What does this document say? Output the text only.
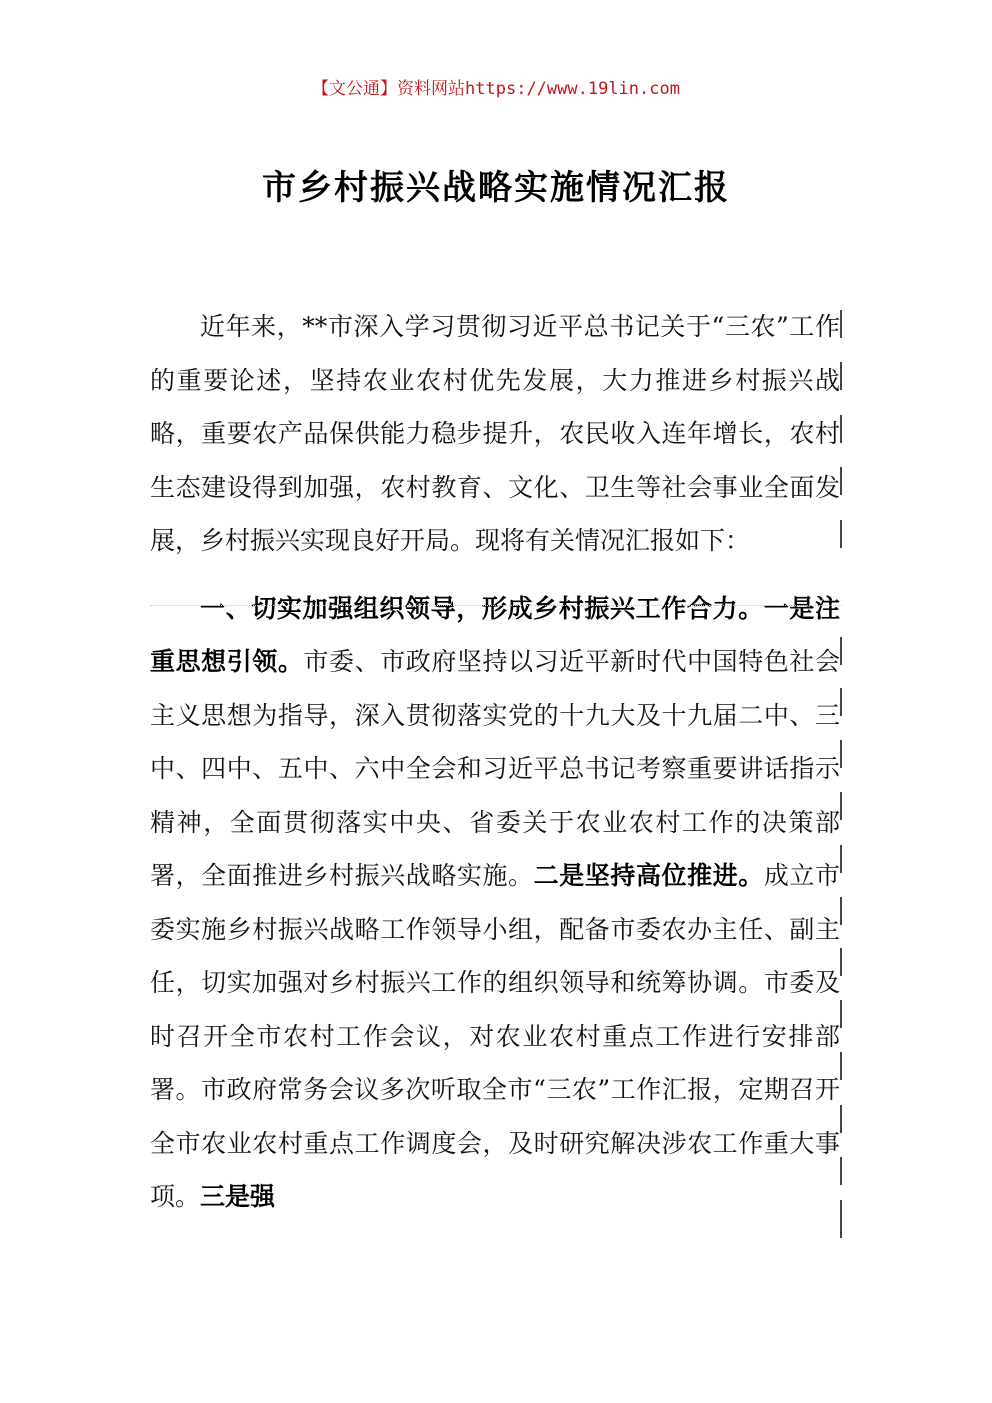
【文公通】资料网站https://www.19lin.com
市乡村振兴战略实施情况汇报

近年来，**市深入学习贯彻习近平总书记关于“三农”工作的重要论述，坚持农业农村优先发展，大力推进乡村振兴战略，重要农产品保供能力稳步提升，农民收入连年增长，农村生态建设得到加强，农村教育、文化、卫生等社会事业全面发展，乡村振兴实现良好开局。现将有关情况汇报如下：

一、切实加强组织领导，形成乡村振兴工作合力。一是注重思想引领。市委、市政府坚持以习近平新时代中国特色社会主义思想为指导，深入贯彻落实党的十九大及十九届二中、三中、四中、五中、六中全会和习近平总书记考察重要讲话指示精神，全面贯彻落实中央、省委关于农业农村工作的决策部署，全面推进乡村振兴战略实施。二是坚持高位推进。成立市委实施乡村振兴战略工作领导小组，配备市委农办主任、副主任，切实加强对乡村振兴工作的组织领导和统筹协调。市委及时召开全市农村工作会议，对农业农村重点工作进行安排部署。市政府常务会议多次听取全市“三农”工作汇报，定期召开全市农业农村重点工作调度会，及时研究解决涉农工作重大事项。三是强
